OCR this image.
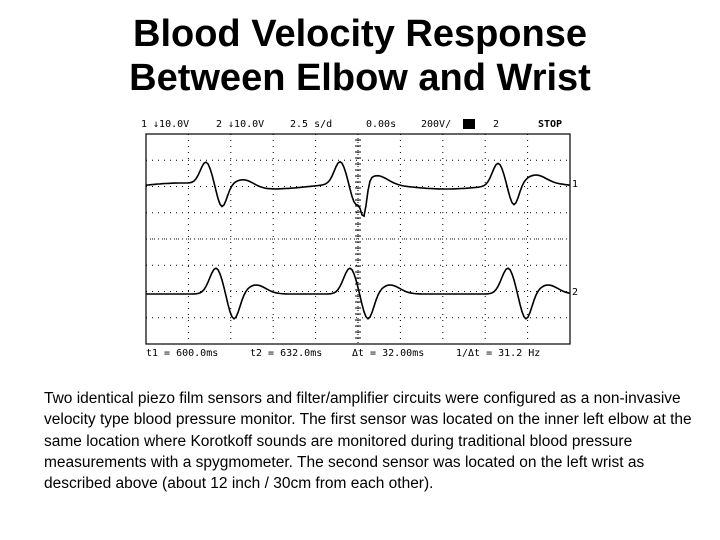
Blood Velocity Response
Between Elbow and Wrist
1 ↓10.0V	2 ↓10.0V	2.5 s/d	0.00s 200V/	2	STOP
1
2
t1 = 600.0ms	t2 = 632.0ms	Δt = 32.00ms	1/Δt = 31.2 Hz

Two identical piezo film sensors and filter/amplifier circuits were configured as a non-invasive velocity type blood pressure monitor. The first sensor was located on the inner left elbow at the same location where Korotkoff sounds are monitored during traditional blood pressure measurements with a spygmometer. The second sensor was located on the left wrist as described above (about 12 inch / 30cm from each other).
